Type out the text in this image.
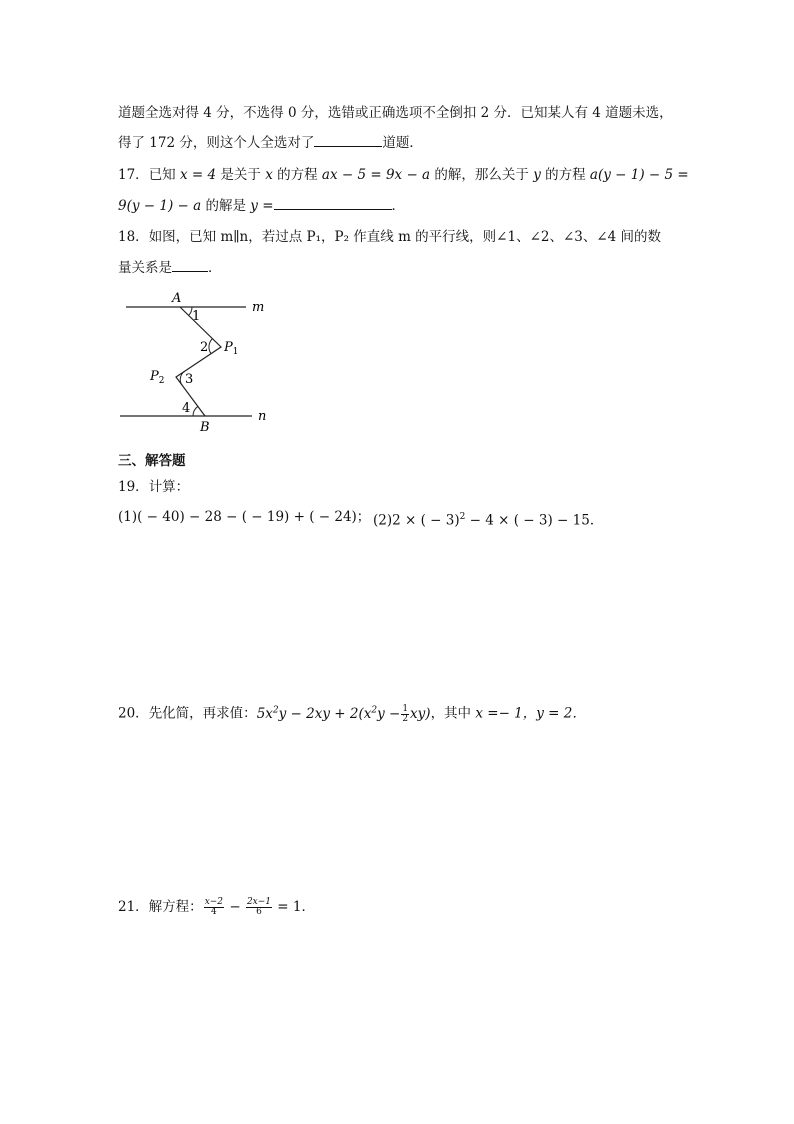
道题全选对得 4 分，不选得 0 分，选错或正确选项不全倒扣 2 分．已知某人有 4 道题未选，
得了 172 分，则这个人全选对了	道题．
17．已知 x = 4 是关于 x 的方程 ax − 5 = 9x − a 的解，那么关于 y 的方程 a(y − 1) − 5 =
9(y − 1) − a 的解是 y =	．
18．如图，已知 m∥n，若过点 P₁，P₂ 作直线 m 的平行线，则∠1、∠2、∠3、∠4 间的数
量关系是	．
A
m
1
2 $P_1$
$P_2$ 3
4
B
n
三、解答题
19．计算：
(1)( − 40) − 28 − ( − 19) + ( − 24)； (2)2 × ( − 3)$^2$ − 4 × ( − 3) − 15．
20．先化简，再求值：$5x^2y - 2xy + 2(x^2y - \frac{1}{2} xy)$，其中 x =− 1，y = 2．
21．解方程： $\frac{x-2}{4} - \frac{2x-1}{6} = 1$．
